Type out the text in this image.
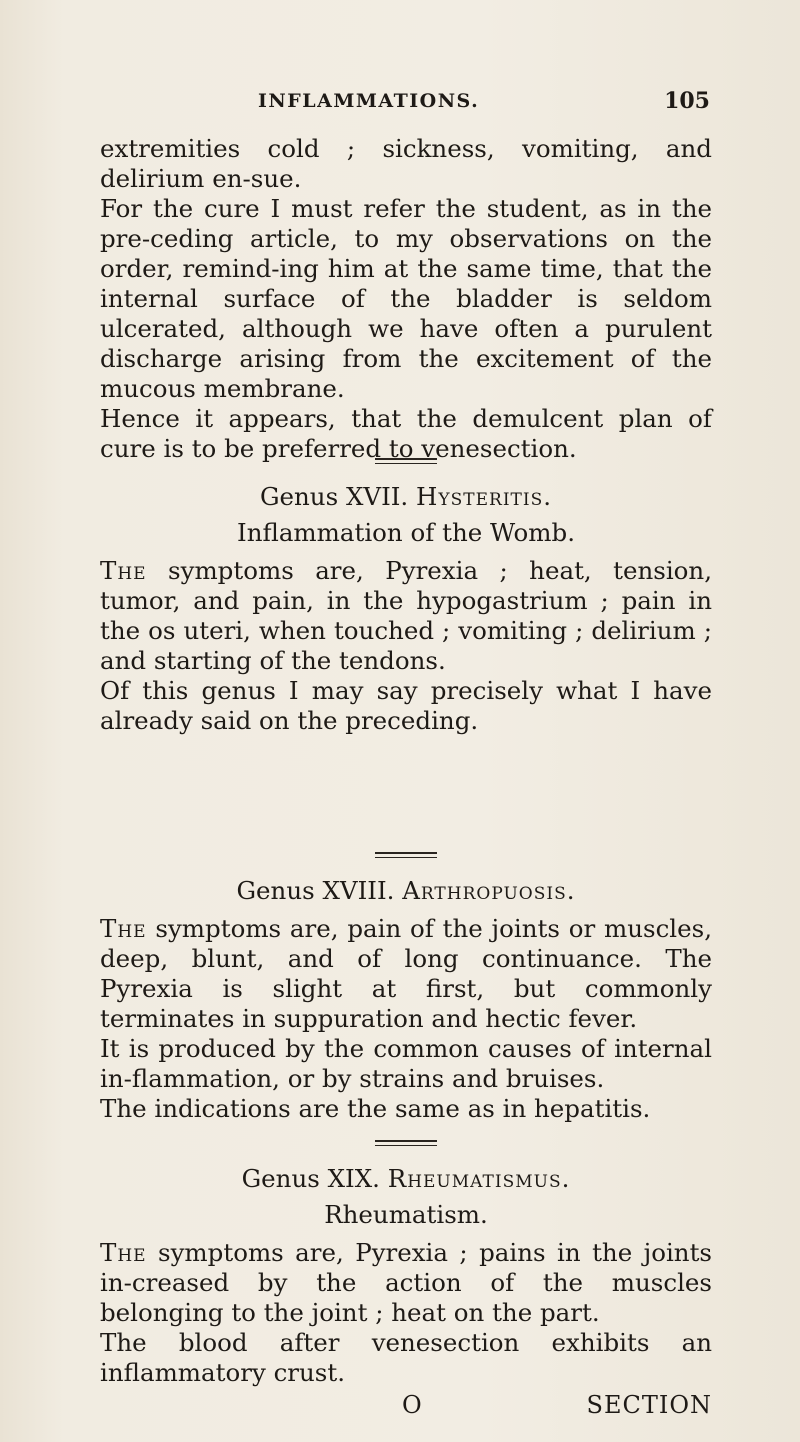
INFLAMMATIONS.	105

extremities cold ; sickness, vomiting, and delirium en-sue.

For the cure I must refer the student, as in the pre-ceding article, to my observations on the order, remind-ing him at the same time, that the internal surface of the bladder is seldom ulcerated, although we have often a purulent discharge arising from the excitement of the mucous membrane.

Hence it appears, that the demulcent plan of cure is to be preferred to venesection.

Genus XVII. Hysteritis.

Inflammation of the Womb.

The symptoms are, Pyrexia ; heat, tension, tumor, and pain, in the hypogastrium ; pain in the os uteri, when touched ; vomiting ; delirium ; and starting of the tendons.

Of this genus I may say precisely what I have already said on the preceding.

Genus XVIII. Arthropuosis.

The symptoms are, pain of the joints or muscles, deep, blunt, and of long continuance. The Pyrexia is slight at first, but commonly terminates in suppuration and hectic fever.

It is produced by the common causes of internal in-flammation, or by strains and bruises.

The indications are the same as in hepatitis.

Genus XIX. Rheumatismus.

Rheumatism.

The symptoms are, Pyrexia ; pains in the joints in-creased by the action of the muscles belonging to the joint ; heat on the part.

The blood after venesection exhibits an inflammatory crust.

O	SECTION
